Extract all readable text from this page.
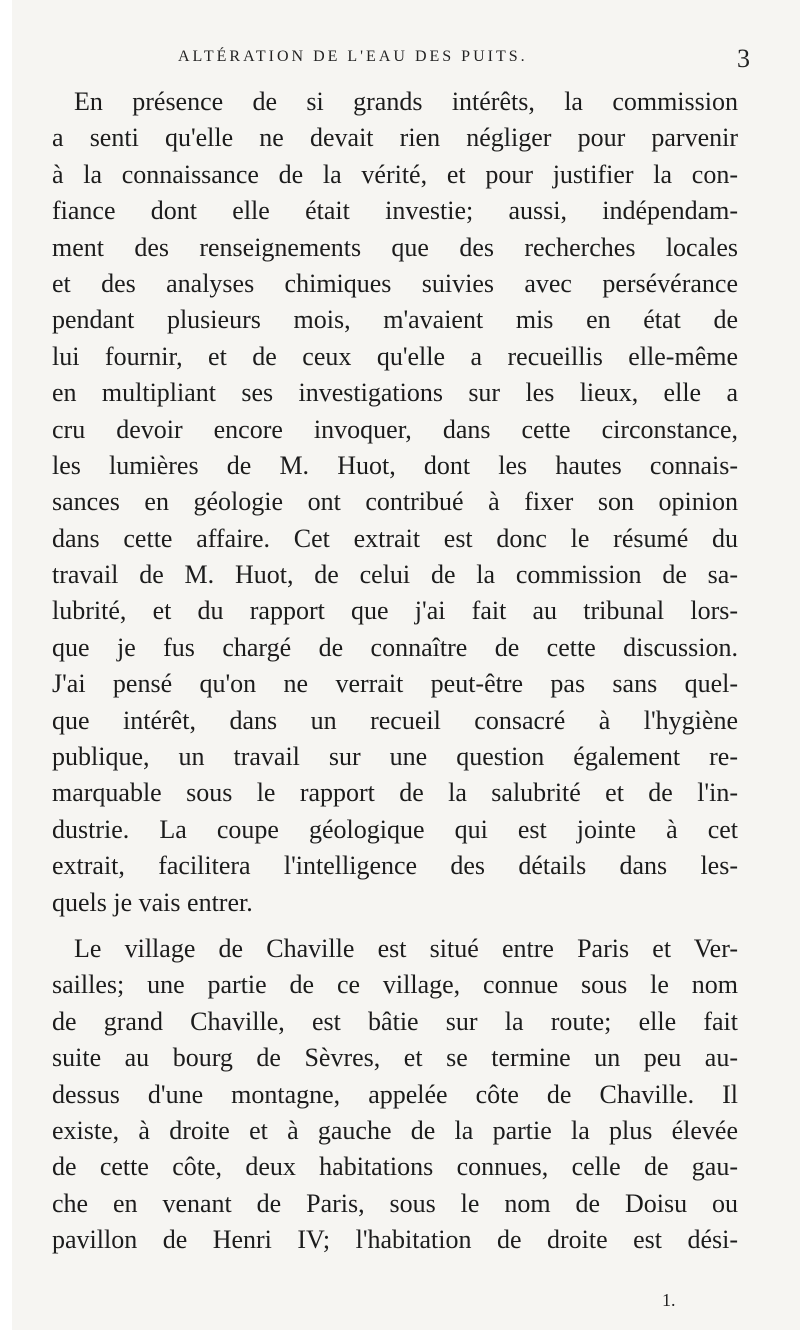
ALTÉRATION DE L'EAU DES PUITS.	3
En présence de si grands intérêts, la commission
a senti qu'elle ne devait rien négliger pour parvenir
à la connaissance de la vérité, et pour justifier la con-
fiance dont elle était investie; aussi, indépendam-
ment des renseignements que des recherches locales
et des analyses chimiques suivies avec persévérance
pendant plusieurs mois, m'avaient mis en état de
lui fournir, et de ceux qu'elle a recueillis elle-même
en multipliant ses investigations sur les lieux, elle a
cru devoir encore invoquer, dans cette circonstance,
les lumières de M. Huot, dont les hautes connais-
sances en géologie ont contribué à fixer son opinion
dans cette affaire. Cet extrait est donc le résumé du
travail de M. Huot, de celui de la commission de sa-
lubrité, et du rapport que j'ai fait au tribunal lors-
que je fus chargé de connaître de cette discussion.
J'ai pensé qu'on ne verrait peut-être pas sans quel-
que intérêt, dans un recueil consacré à l'hygiène
publique, un travail sur une question également re-
marquable sous le rapport de la salubrité et de l'in-
dustrie. La coupe géologique qui est jointe à cet
extrait, facilitera l'intelligence des détails dans les-
quels je vais entrer.
Le village de Chaville est situé entre Paris et Ver-
sailles; une partie de ce village, connue sous le nom
de grand Chaville, est bâtie sur la route; elle fait
suite au bourg de Sèvres, et se termine un peu au-
dessus d'une montagne, appelée côte de Chaville. Il
existe, à droite et à gauche de la partie la plus élevée
de cette côte, deux habitations connues, celle de gau-
che en venant de Paris, sous le nom de Doisu ou
pavillon de Henri IV; l'habitation de droite est dési-
1.
